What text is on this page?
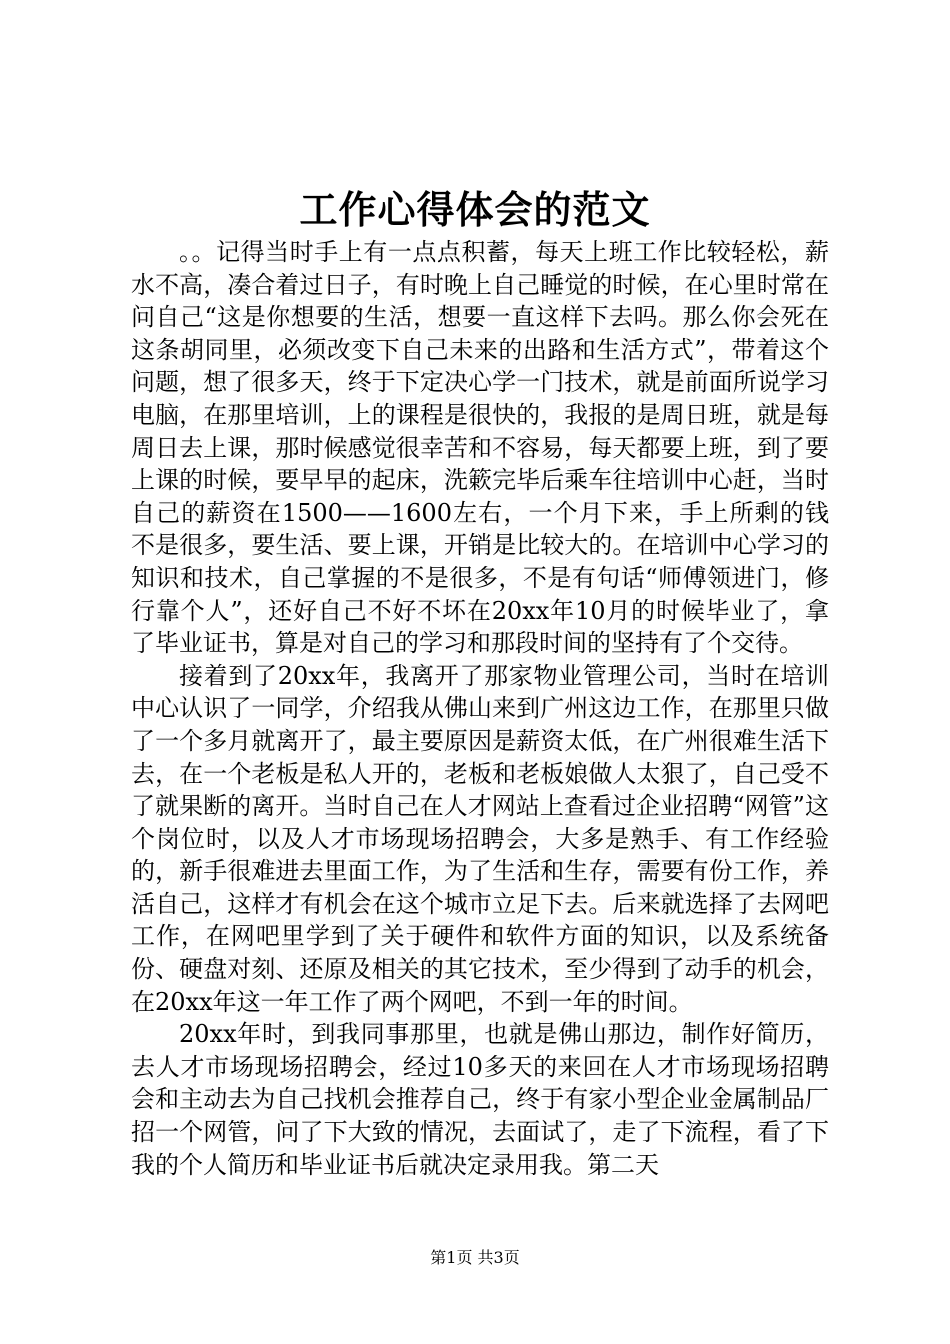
工作心得体会的范文

。。记得当时手上有一点点积蓄，每天上班工作比较轻松，薪水不高，凑合着过日子，有时晚上自己睡觉的时候，在心里时常在问自己“这是你想要的生活，想要一直这样下去吗。那么你会死在这条胡同里，必须改变下自己未来的出路和生活方式”，带着这个问题，想了很多天，终于下定决心学一门技术，就是前面所说学习电脑，在那里培训，上的课程是很快的，我报的是周日班，就是每周日去上课，那时候感觉很幸苦和不容易，每天都要上班，到了要上课的时候，要早早的起床，洗簌完毕后乘车往培训中心赶，当时自己的薪资在1500——1600左右，一个月下来，手上所剩的钱不是很多，要生活、要上课，开销是比较大的。在培训中心学习的知识和技术，自己掌握的不是很多，不是有句话“师傅领进门，修行靠个人”，还好自己不好不坏在20xx年10月的时候毕业了，拿了毕业证书，算是对自己的学习和那段时间的坚持有了个交待。

接着到了20xx年，我离开了那家物业管理公司，当时在培训中心认识了一同学，介绍我从佛山来到广州这边工作，在那里只做了一个多月就离开了，最主要原因是薪资太低，在广州很难生活下去，在一个老板是私人开的，老板和老板娘做人太狠了，自己受不了就果断的离开。当时自己在人才网站上查看过企业招聘“网管”这个岗位时，以及人才市场现场招聘会，大多是熟手、有工作经验的，新手很难进去里面工作，为了生活和生存，需要有份工作，养活自己，这样才有机会在这个城市立足下去。后来就选择了去网吧工作，在网吧里学到了关于硬件和软件方面的知识，以及系统备份、硬盘对刻、还原及相关的其它技术，至少得到了动手的机会，在20xx年这一年工作了两个网吧，不到一年的时间。

20xx年时，到我同事那里，也就是佛山那边，制作好简历，去人才市场现场招聘会，经过10多天的来回在人才市场现场招聘会和主动去为自己找机会推荐自己，终于有家小型企业金属制品厂招一个网管，问了下大致的情况，去面试了，走了下流程，看了下我的个人简历和毕业证书后就决定录用我。第二天

第1页 共3页
